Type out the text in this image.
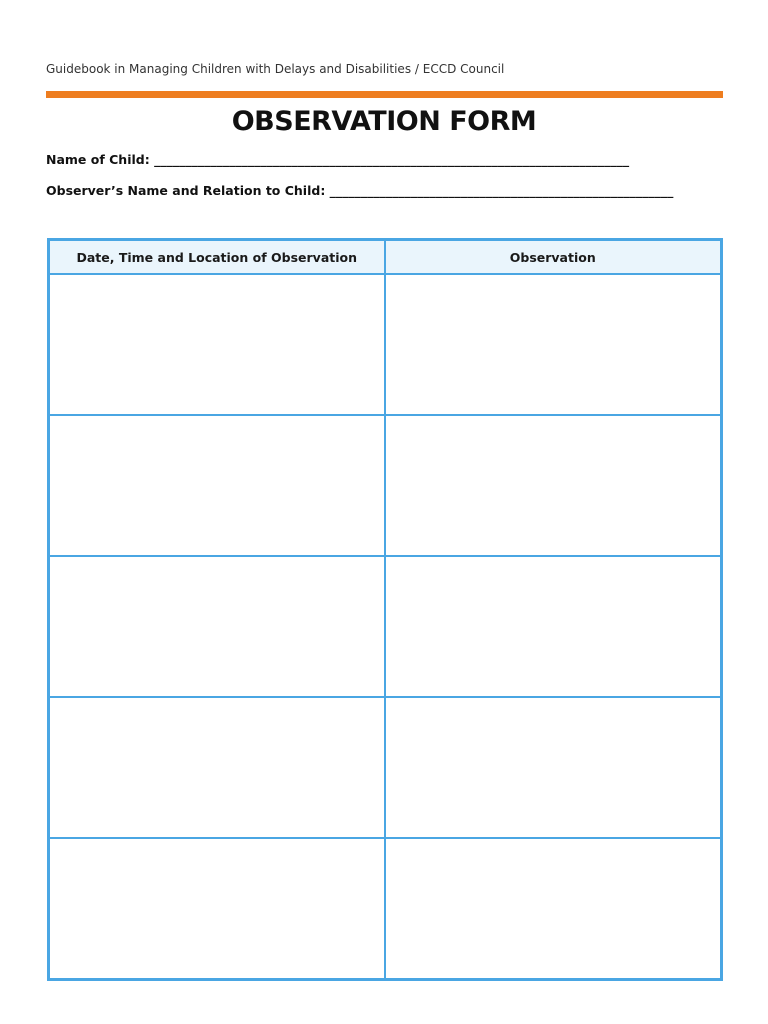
Guidebook in Managing Children with Delays and Disabilities / ECCD Council
OBSERVATION FORM
Name of Child: ____________________________________________________________________________
Observer’s Name and Relation to Child: _______________________________________________________
Date, Time and Location of Observation	Observation
